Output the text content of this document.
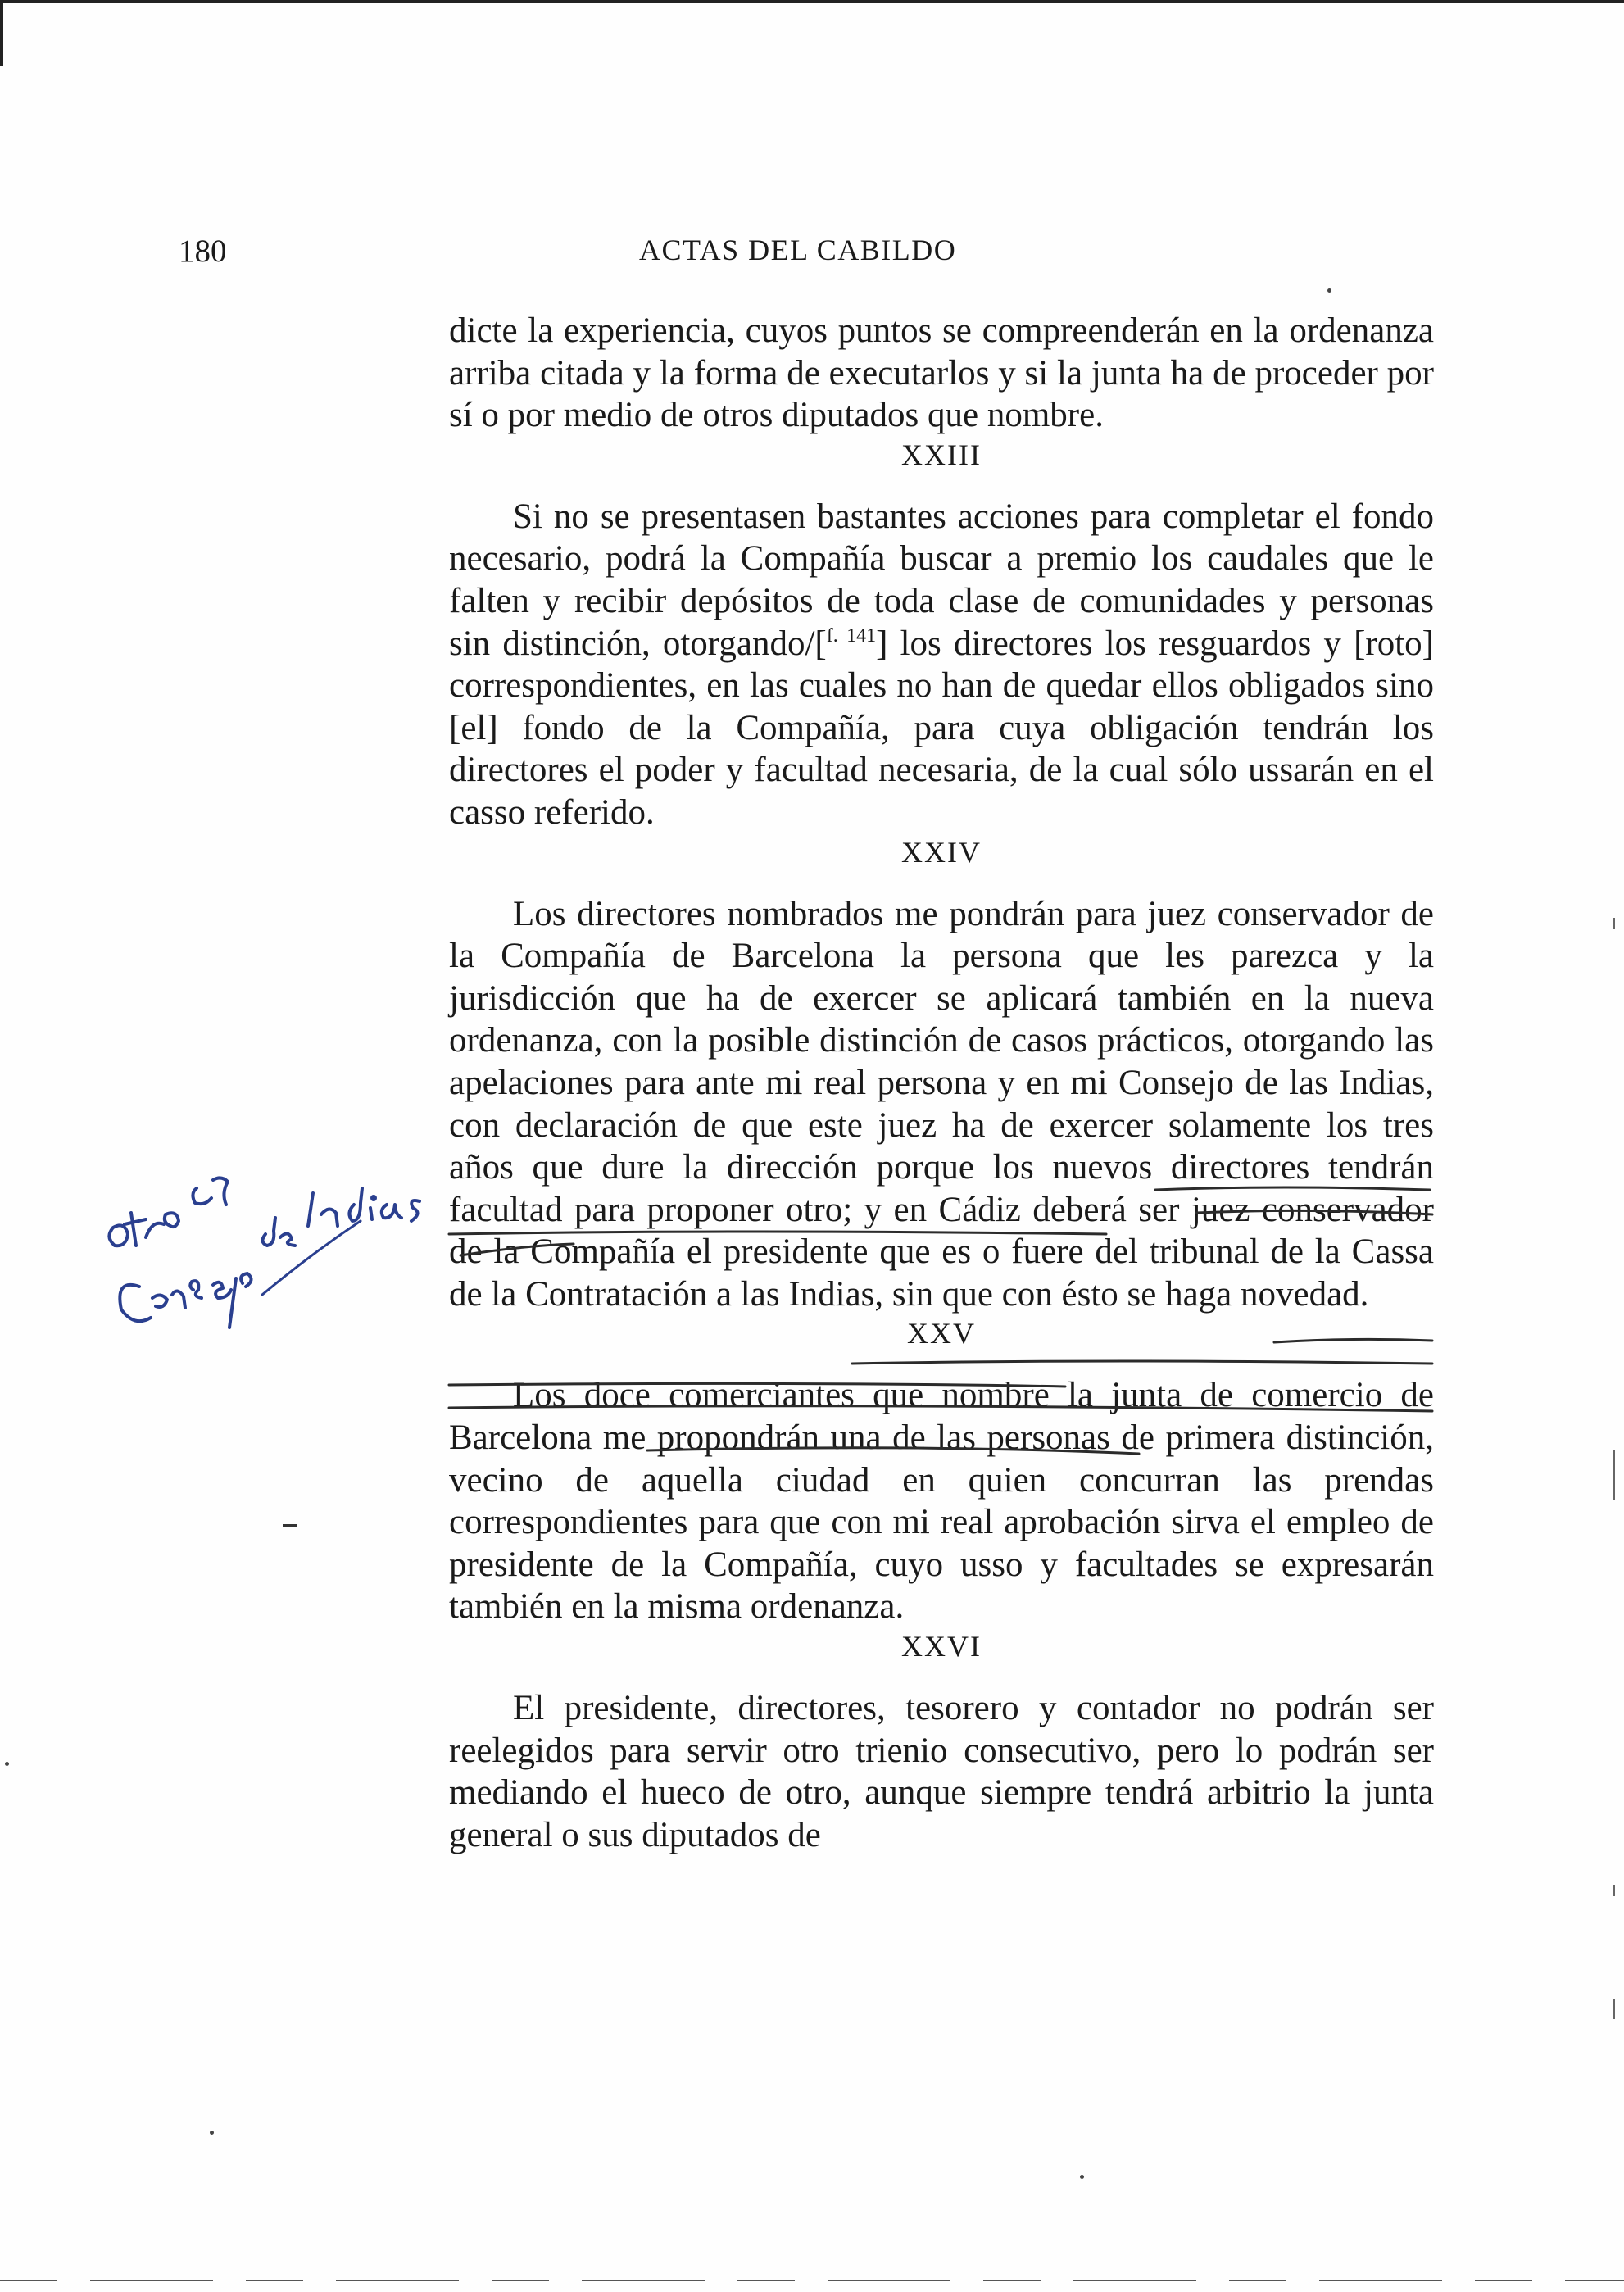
180	ACTAS DEL CABILDO

dicte la experiencia, cuyos puntos se compreenderán en la ordenanza arriba citada y la forma de executarlos y si la junta ha de proceder por sí o por medio de otros diputados que nombre.

XXIII

Si no se presentasen bastantes acciones para completar el fondo necesario, podrá la Compañía buscar a premio los caudales que le falten y recibir depósitos de toda clase de comunidades y personas sin distinción, otorgando/[$^{f. 141}$] los directores los resguardos y [roto] correspondientes, en las cuales no han de quedar ellos obligados sino [el] fondo de la Compañía, para cuya obligación tendrán los directores el poder y facultad necesaria, de la cual sólo ussarán en el casso referido.

XXIV

Los directores nombrados me pondrán para juez conservador de la Compañía de Barcelona la persona que les parezca y la jurisdicción que ha de exercer se aplicará también en la nueva ordenanza, con la posible distinción de casos prácticos, otorgando las apelaciones para ante mi real persona y en mi Consejo de las Indias, con declaración de que este juez ha de exercer solamente los tres años que dure la dirección porque los nuevos directores tendrán facultad para proponer otro; y en Cádiz deberá ser juez conservador de la Compañía el presidente que es o fuere del tribunal de la Cassa de la Contratación a las Indias, sin que con ésto se haga novedad.

XXV

Los doce comerciantes que nombre la junta de comercio de Barcelona me propondrán una de las personas de primera distinción, vecino de aquella ciudad en quien concurran las prendas correspondientes para que con mi real aprobación sirva el empleo de presidente de la Compañía, cuyo usso y facultades se expresarán también en la misma ordenanza.

XXVI

El presidente, directores, tesorero y contador no podrán ser reelegidos para servir otro trienio consecutivo, pero lo podrán ser mediando el hueco de otro, aunque siempre tendrá arbitrio la junta general o sus diputados de
